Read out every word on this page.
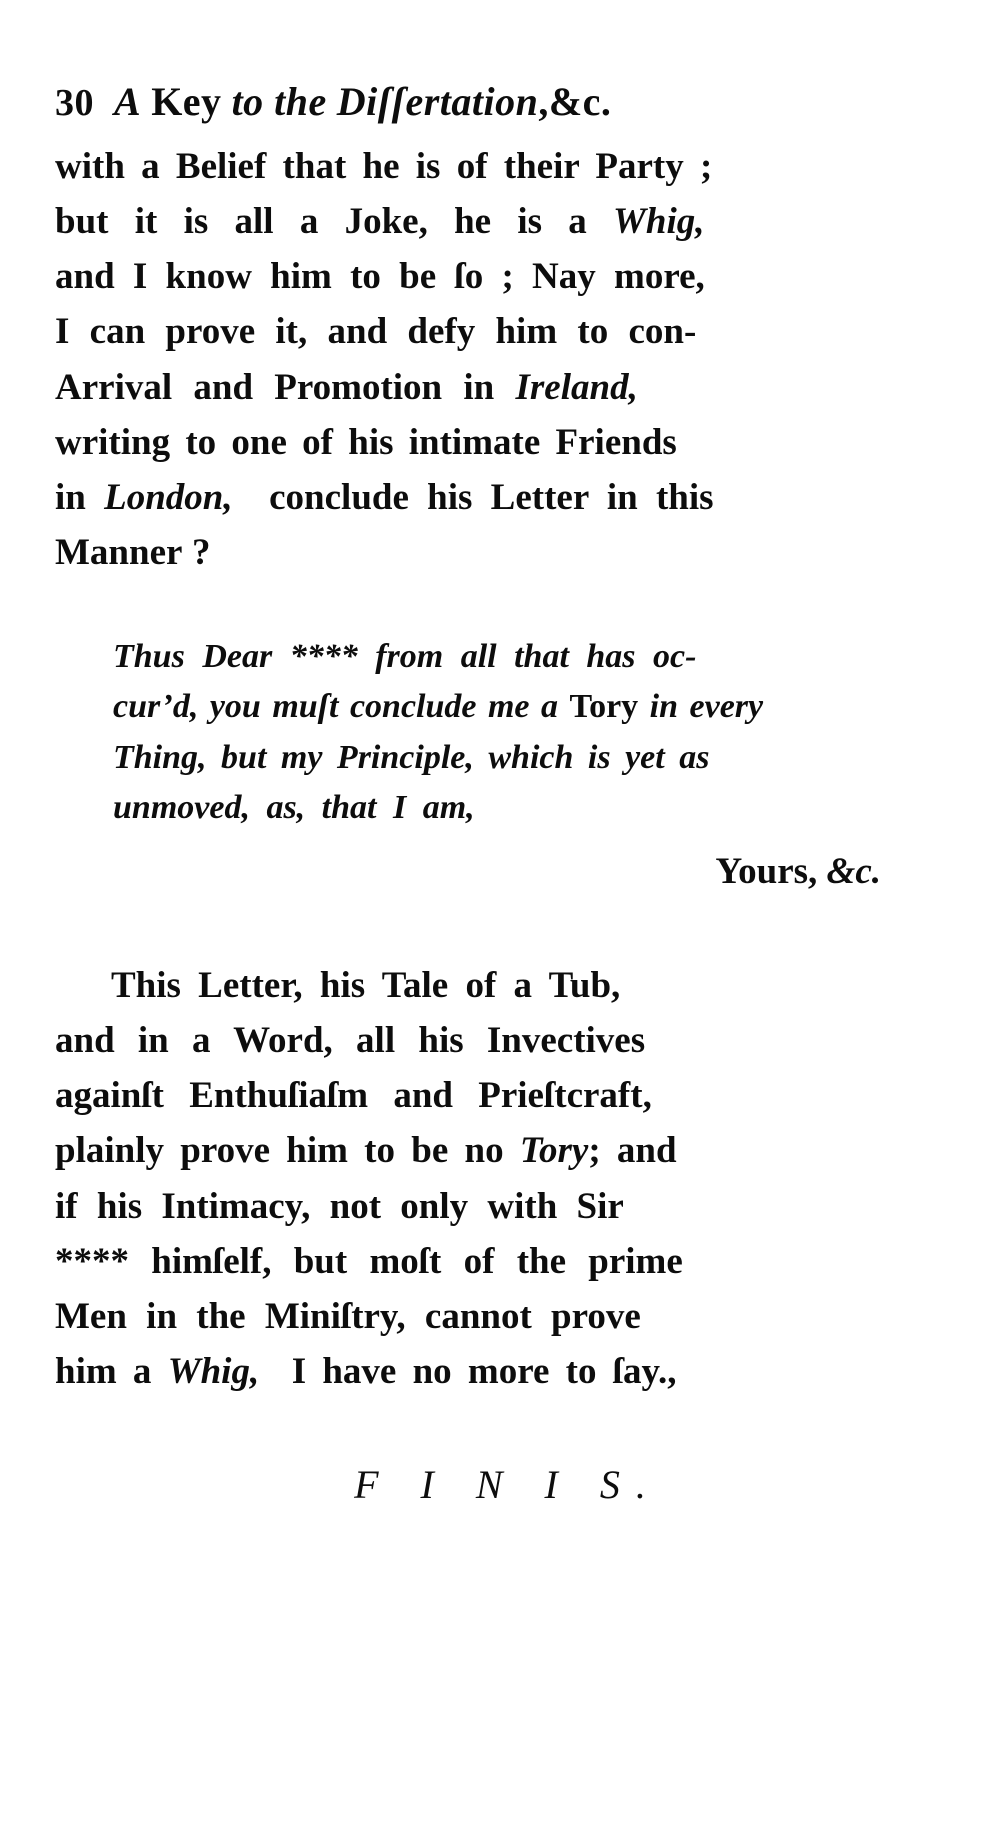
30 A Key to the Diſſertation ,&c.
with a Belief that he is of their Party ;
but it is all a Joke, he is a Whig,
and I know him to be ſo ; Nay more,
I can prove it, and defy him to con-
Arrival and Promotion in Ireland,
writing to one of his intimate Friends
in London, conclude his Letter in this
Manner ?
Thus Dear **** from all that has oc-
cur’d, you muſt conclude me a Tory in every
Thing, but my Principle, which is yet as
unmoved, as, that I am,
Yours, &c.
This Letter, his Tale of a Tub,
and in a Word, all his Invectives
againſt Enthuſiaſm and Prieſtcraft,
plainly prove him to be no Tory; and
if his Intimacy, not only with Sir
**** himſelf, but moſt of the prime
Men in the Miniſtry, cannot prove
him a Whig, I have no more to ſay.,
F I N I S.
